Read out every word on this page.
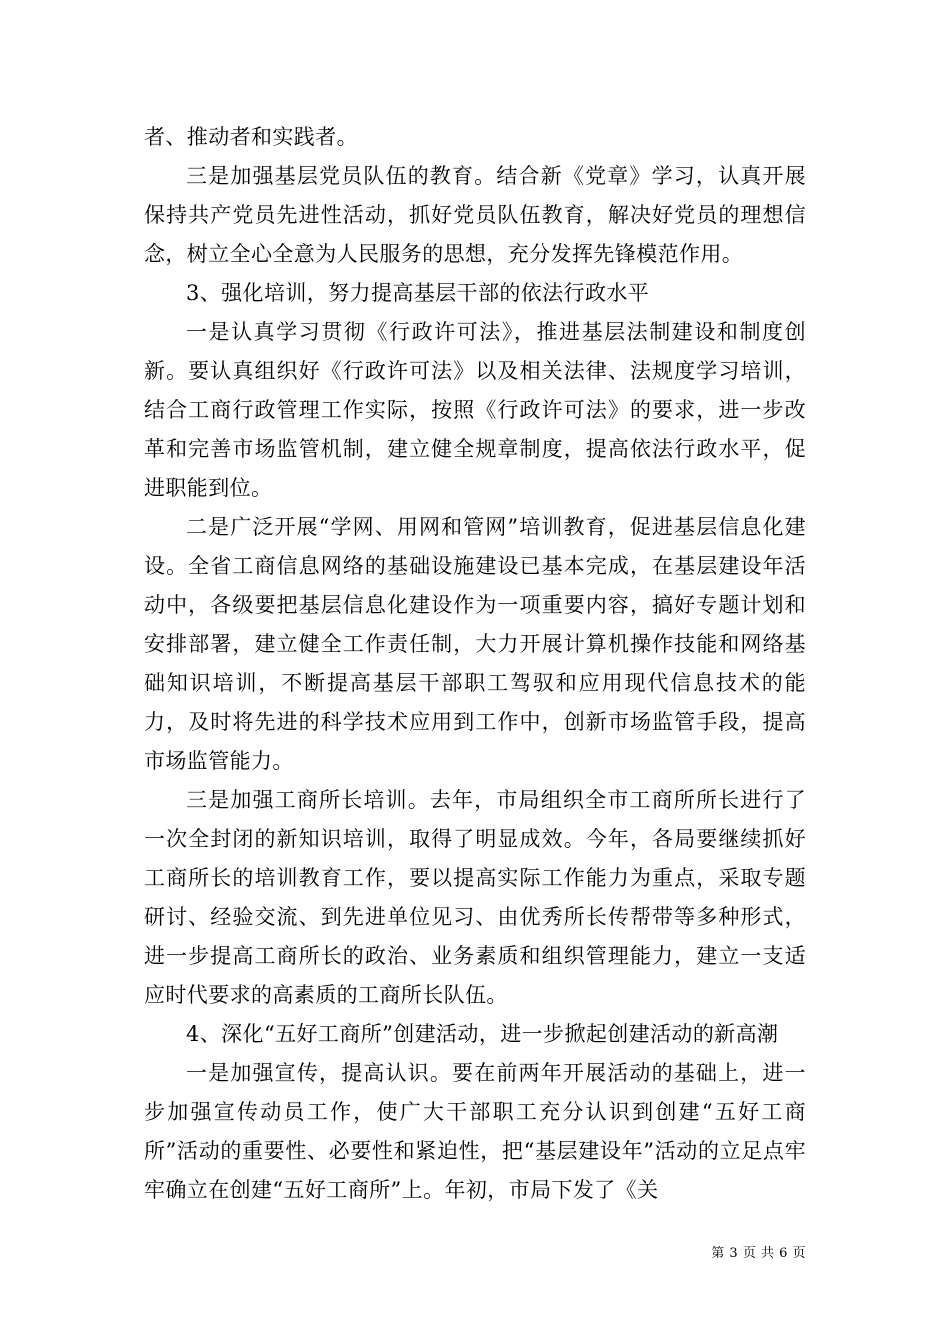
者、推动者和实践者。

三是加强基层党员队伍的教育。结合新《党章》学习，认真开展保持共产党员先进性活动，抓好党员队伍教育，解决好党员的理想信念，树立全心全意为人民服务的思想，充分发挥先锋模范作用。

3、强化培训，努力提高基层干部的依法行政水平

一是认真学习贯彻《行政许可法》，推进基层法制建设和制度创新。要认真组织好《行政许可法》以及相关法律、法规度学习培训，结合工商行政管理工作实际，按照《行政许可法》的要求，进一步改革和完善市场监管机制，建立健全规章制度，提高依法行政水平，促进职能到位。

二是广泛开展“学网、用网和管网”培训教育，促进基层信息化建设。全省工商信息网络的基础设施建设已基本完成，在基层建设年活动中，各级要把基层信息化建设作为一项重要内容，搞好专题计划和安排部署，建立健全工作责任制，大力开展计算机操作技能和网络基础知识培训，不断提高基层干部职工驾驭和应用现代信息技术的能力，及时将先进的科学技术应用到工作中，创新市场监管手段，提高市场监管能力。

三是加强工商所长培训。去年，市局组织全市工商所所长进行了一次全封闭的新知识培训，取得了明显成效。今年，各局要继续抓好工商所长的培训教育工作，要以提高实际工作能力为重点，采取专题研讨、经验交流、到先进单位见习、由优秀所长传帮带等多种形式，进一步提高工商所长的政治、业务素质和组织管理能力，建立一支适应时代要求的高素质的工商所长队伍。

4、深化“五好工商所”创建活动，进一步掀起创建活动的新高潮

一是加强宣传，提高认识。要在前两年开展活动的基础上，进一步加强宣传动员工作，使广大干部职工充分认识到创建“五好工商所”活动的重要性、必要性和紧迫性，把“基层建设年”活动的立足点牢牢确立在创建“五好工商所”上。年初，市局下发了《关

第 3 页 共 6 页
